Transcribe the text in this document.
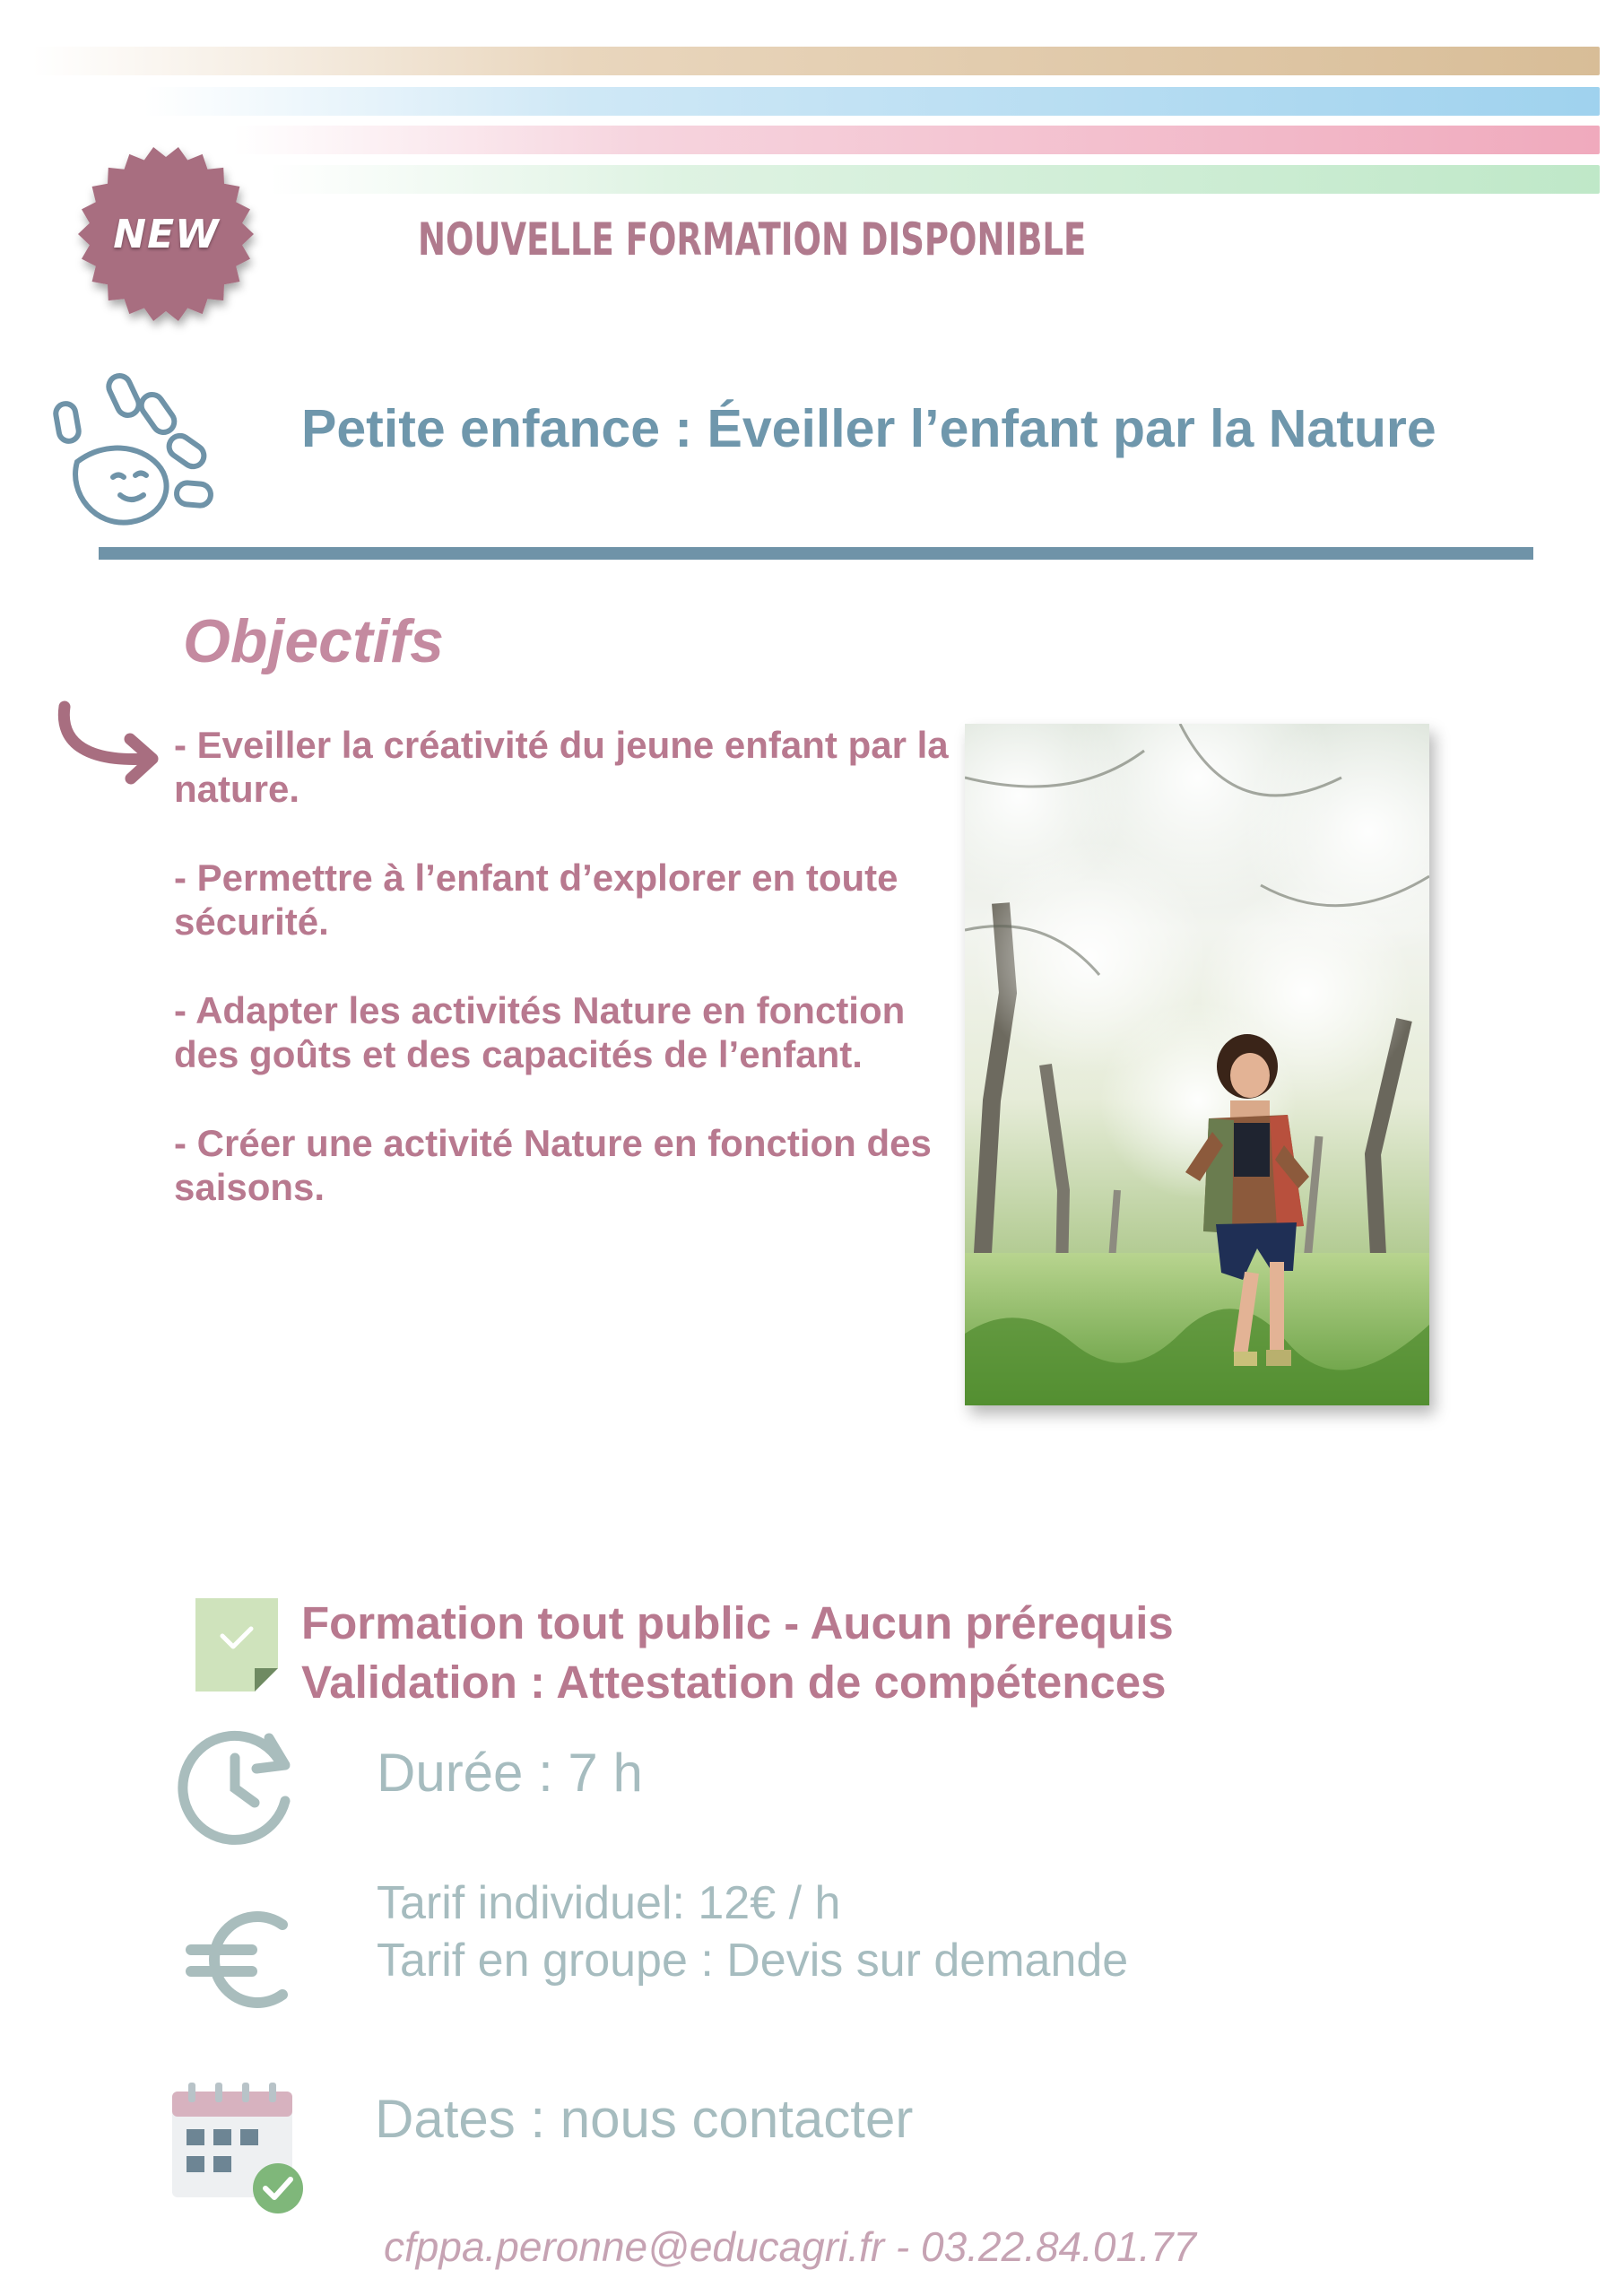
NEW	NOUVELLE FORMATION DISPONIBLE
Petite enfance : Éveiller l’enfant par la Nature
Objectifs
- Eveiller la créativité du jeune enfant par la nature.
- Permettre à l’enfant d’explorer en toute sécurité.
- Adapter les activités Nature en fonction des goûts et des capacités de l’enfant.
- Créer une activité Nature en fonction des saisons.
Formation tout public - Aucun prérequis
Validation : Attestation de compétences
Durée : 7 h
Tarif individuel: 12€ / h
Tarif en groupe : Devis sur demande
Dates : nous contacter
cfppa.peronne@educagri.fr - 03.22.84.01.77
